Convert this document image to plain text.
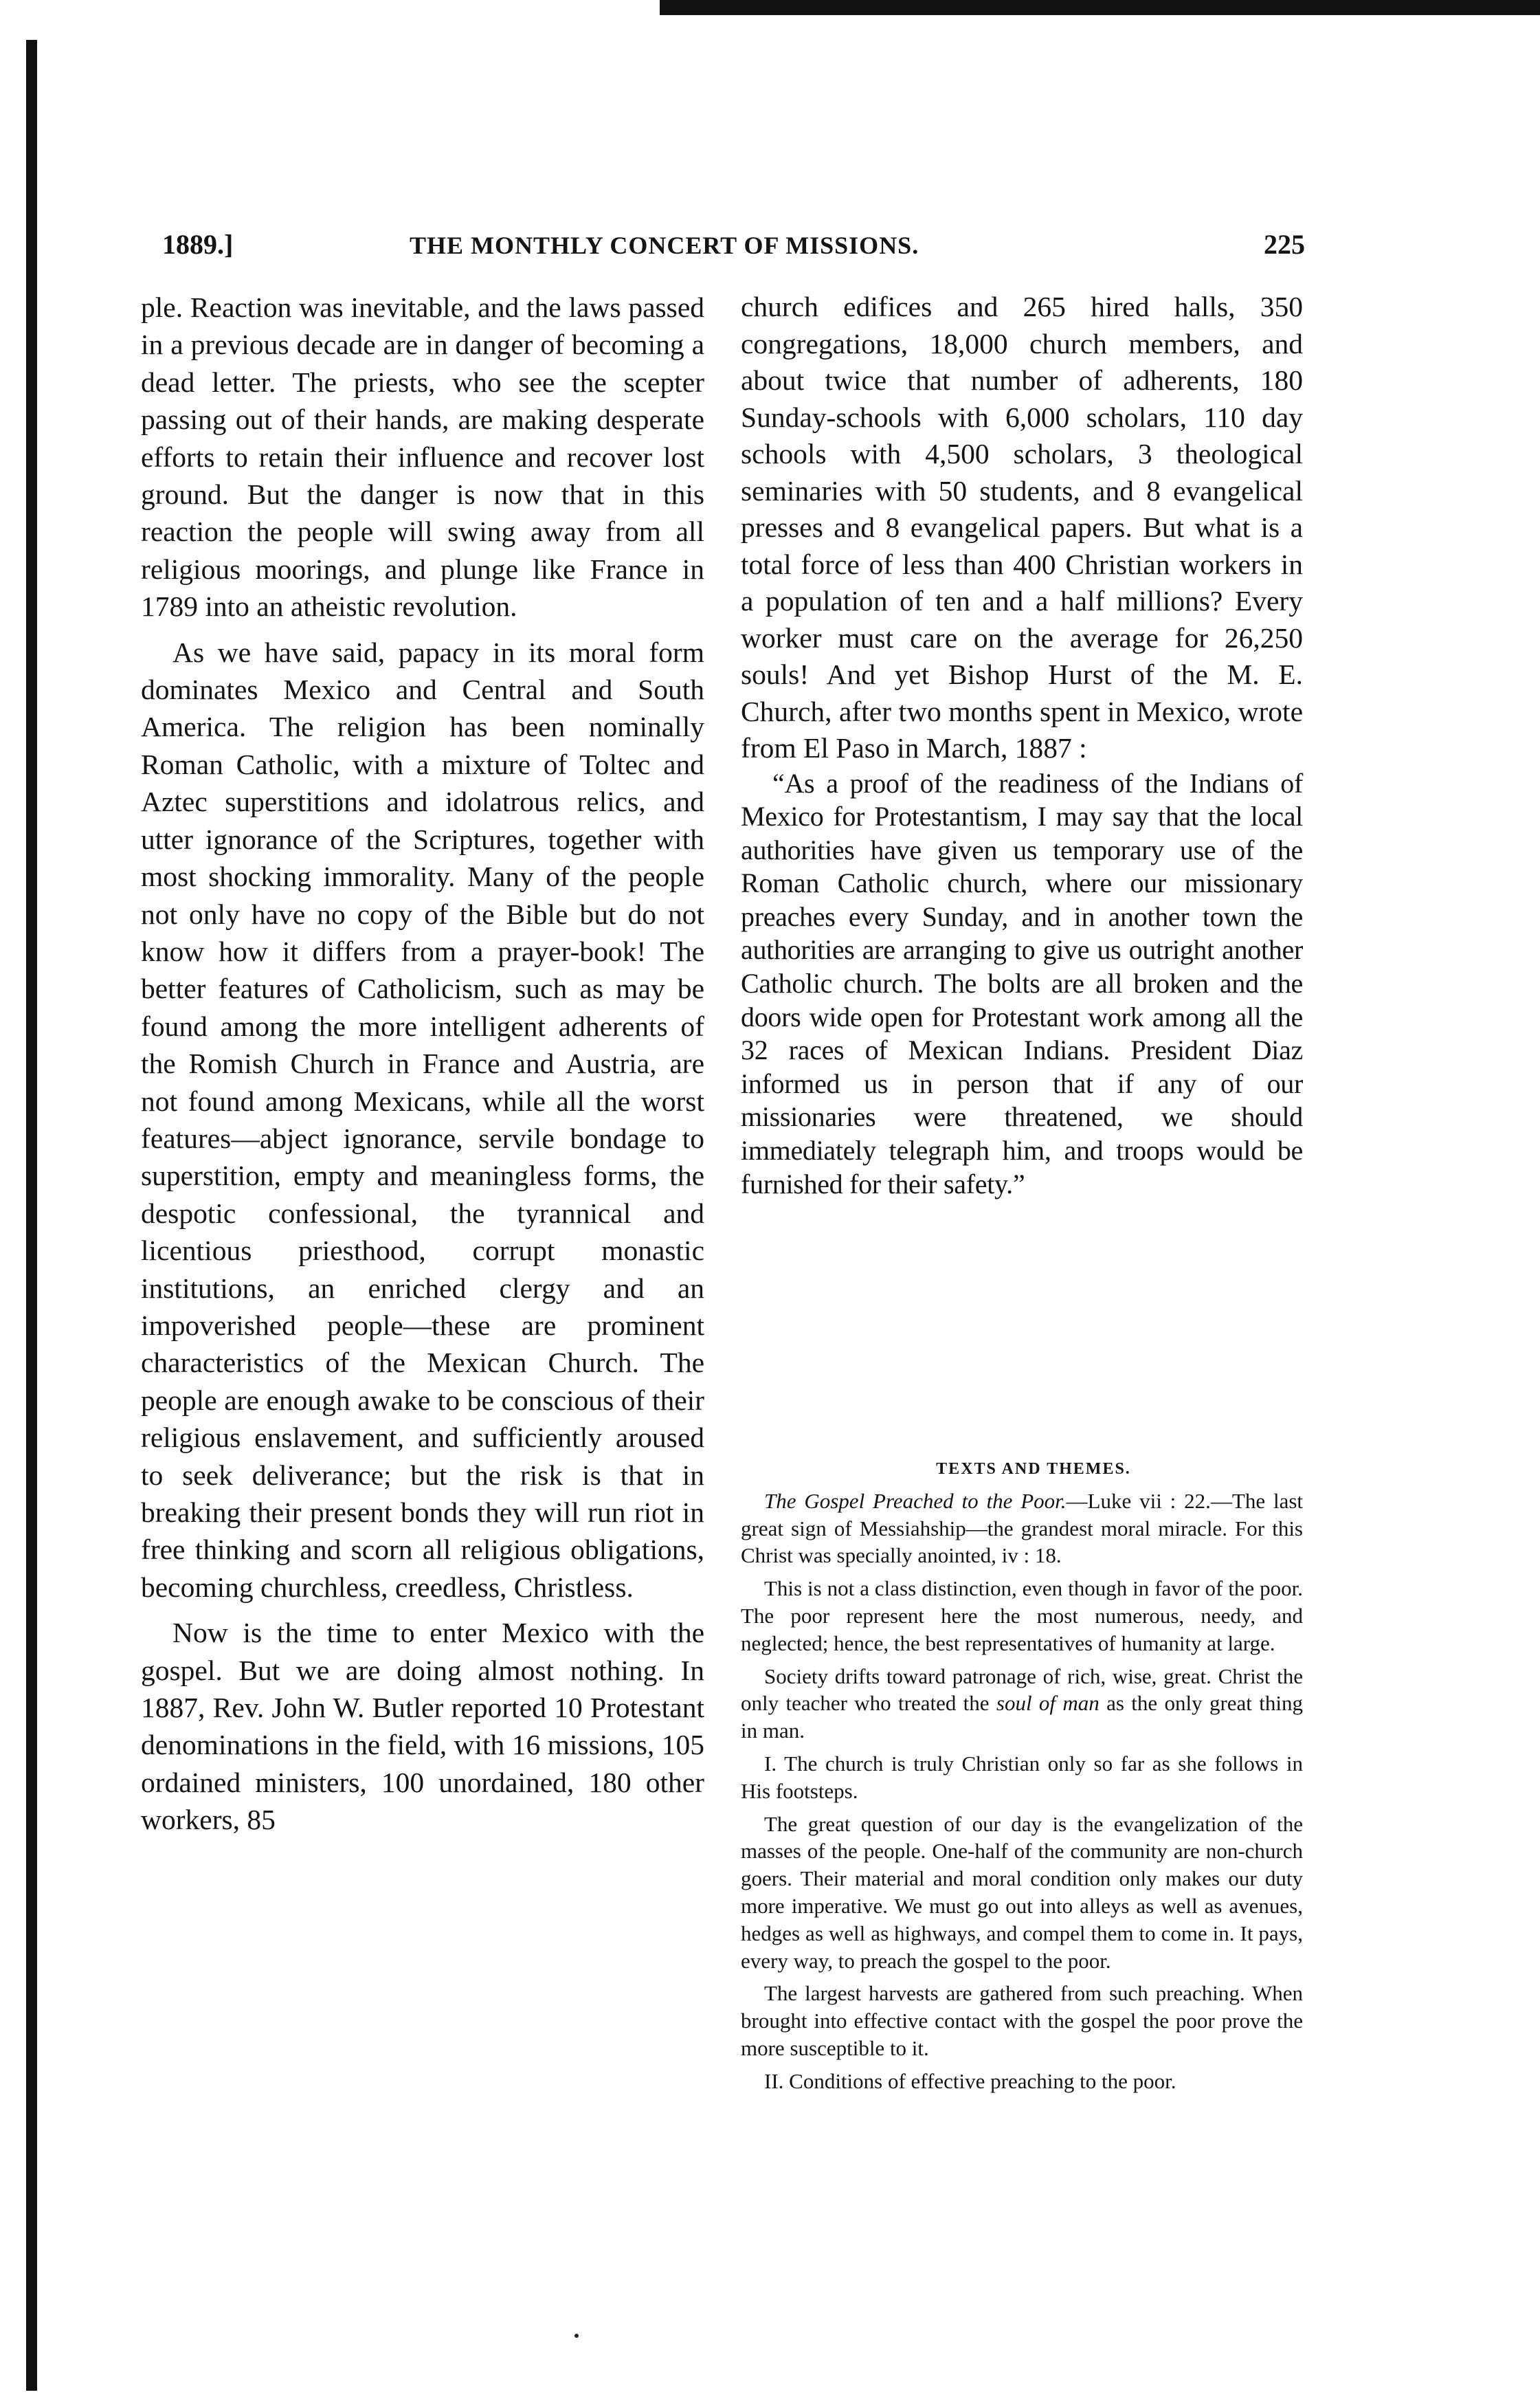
1889.]	THE MONTHLY CONCERT OF MISSIONS.	225

ple. Reaction was inevitable, and the laws passed in a previous decade are in danger of becoming a dead letter. The priests, who see the scepter passing out of their hands, are making desperate efforts to retain their influence and recover lost ground. But the danger is now that in this reaction the people will swing away from all religious moorings, and plunge like France in 1789 into an atheistic revolution.

As we have said, papacy in its moral form dominates Mexico and Central and South America. The religion has been nominally Roman Catholic, with a mixture of Toltec and Aztec superstitions and idolatrous relics, and utter ignorance of the Scriptures, together with most shocking immorality. Many of the people not only have no copy of the Bible but do not know how it differs from a prayer-book! The better features of Catholicism, such as may be found among the more intelligent adherents of the Romish Church in France and Austria, are not found among Mexicans, while all the worst features—abject ignorance, servile bondage to superstition, empty and meaningless forms, the despotic confessional, the tyrannical and licentious priesthood, corrupt monastic institutions, an enriched clergy and an impoverished people—these are prominent characteristics of the Mexican Church. The people are enough awake to be conscious of their religious enslavement, and sufficiently aroused to seek deliverance; but the risk is that in breaking their present bonds they will run riot in free thinking and scorn all religious obligations, becoming churchless, creedless, Christless.

Now is the time to enter Mexico with the gospel. But we are doing almost nothing. In 1887, Rev. John W. Butler reported 10 Protestant denominations in the field, with 16 missions, 105 ordained ministers, 100 unordained, 180 other workers, 85

church edifices and 265 hired halls, 350 congregations, 18,000 church members, and about twice that number of adherents, 180 Sunday-schools with 6,000 scholars, 110 day schools with 4,500 scholars, 3 theological seminaries with 50 students, and 8 evangelical presses and 8 evangelical papers. But what is a total force of less than 400 Christian workers in a population of ten and a half millions? Every worker must care on the average for 26,250 souls! And yet Bishop Hurst of the M. E. Church, after two months spent in Mexico, wrote from El Paso in March, 1887 :

“As a proof of the readiness of the Indians of Mexico for Protestantism, I may say that the local authorities have given us temporary use of the Roman Catholic church, where our missionary preaches every Sunday, and in another town the authorities are arranging to give us outright another Catholic church. The bolts are all broken and the doors wide open for Protestant work among all the 32 races of Mexican Indians. President Diaz informed us in person that if any of our missionaries were threatened, we should immediately telegraph him, and troops would be furnished for their safety.”

TEXTS AND THEMES.

The Gospel Preached to the Poor.—Luke vii : 22.—The last great sign of Messiahship—the grandest moral miracle. For this Christ was specially anointed, iv : 18.

This is not a class distinction, even though in favor of the poor. The poor represent here the most numerous, needy, and neglected; hence, the best representatives of humanity at large.

Society drifts toward patronage of rich, wise, great. Christ the only teacher who treated the soul of man as the only great thing in man.

I. The church is truly Christian only so far as she follows in His footsteps.

The great question of our day is the evangelization of the masses of the people. One-half of the community are non-church goers. Their material and moral condition only makes our duty more imperative. We must go out into alleys as well as avenues, hedges as well as highways, and compel them to come in. It pays, every way, to preach the gospel to the poor.

The largest harvests are gathered from such preaching. When brought into effective contact with the gospel the poor prove the more susceptible to it.

II. Conditions of effective preaching to the poor.
